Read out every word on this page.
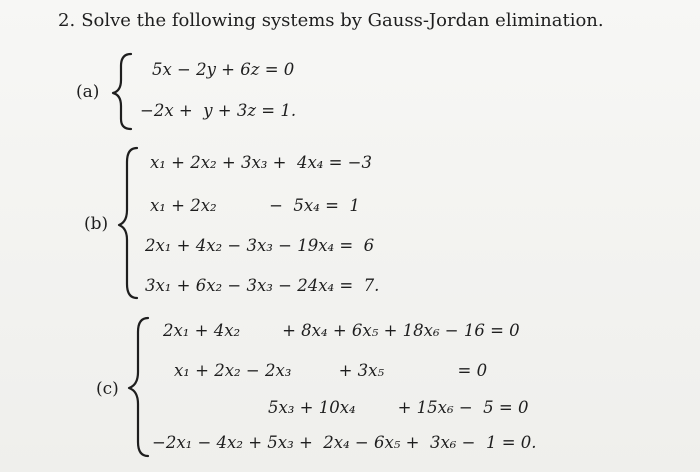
2. Solve the following systems by Gauss-Jordan elimination.
(a)
5x − 2y + 6z = 0
−2x +  y + 3z = 1.
(b)
x₁ + 2x₂ + 3x₃ +  4x₄ = −3
x₁ + 2x₂          −  5x₄ =  1
2x₁ + 4x₂ − 3x₃ − 19x₄ =  6
3x₁ + 6x₂ − 3x₃ − 24x₄ =  7.
(c)
2x₁ + 4x₂        + 8x₄ + 6x₅ + 18x₆ − 16 = 0
x₁ + 2x₂ − 2x₃         + 3x₅              = 0
5x₃ + 10x₄        + 15x₆ −  5 = 0
−2x₁ − 4x₂ + 5x₃ +  2x₄ − 6x₅ +  3x₆ −  1 = 0.
